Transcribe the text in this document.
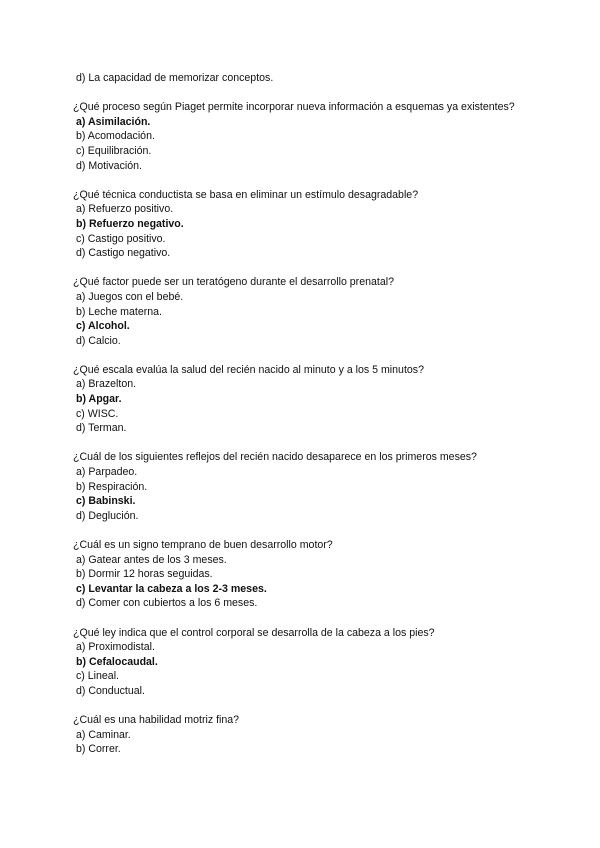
d) La capacidad de memorizar conceptos.
¿Qué proceso según Piaget permite incorporar nueva información a esquemas ya existentes?
a) Asimilación.
b) Acomodación.
c) Equilibración.
d) Motivación.
¿Qué técnica conductista se basa en eliminar un estímulo desagradable?
a) Refuerzo positivo.
b) Refuerzo negativo.
c) Castigo positivo.
d) Castigo negativo.
¿Qué factor puede ser un teratógeno durante el desarrollo prenatal?
a) Juegos con el bebé.
b) Leche materna.
c) Alcohol.
d) Calcio.
¿Qué escala evalúa la salud del recién nacido al minuto y a los 5 minutos?
a) Brazelton.
b) Apgar.
c) WISC.
d) Terman.
¿Cuál de los siguientes reflejos del recién nacido desaparece en los primeros meses?
a) Parpadeo.
b) Respiración.
c) Babinski.
d) Deglución.
¿Cuál es un signo temprano de buen desarrollo motor?
a) Gatear antes de los 3 meses.
b) Dormir 12 horas seguidas.
c) Levantar la cabeza a los 2-3 meses.
d) Comer con cubiertos a los 6 meses.
¿Qué ley indica que el control corporal se desarrolla de la cabeza a los pies?
a) Proximodistal.
b) Cefalocaudal.
c) Lineal.
d) Conductual.
¿Cuál es una habilidad motriz fina?
a) Caminar.
b) Correr.
